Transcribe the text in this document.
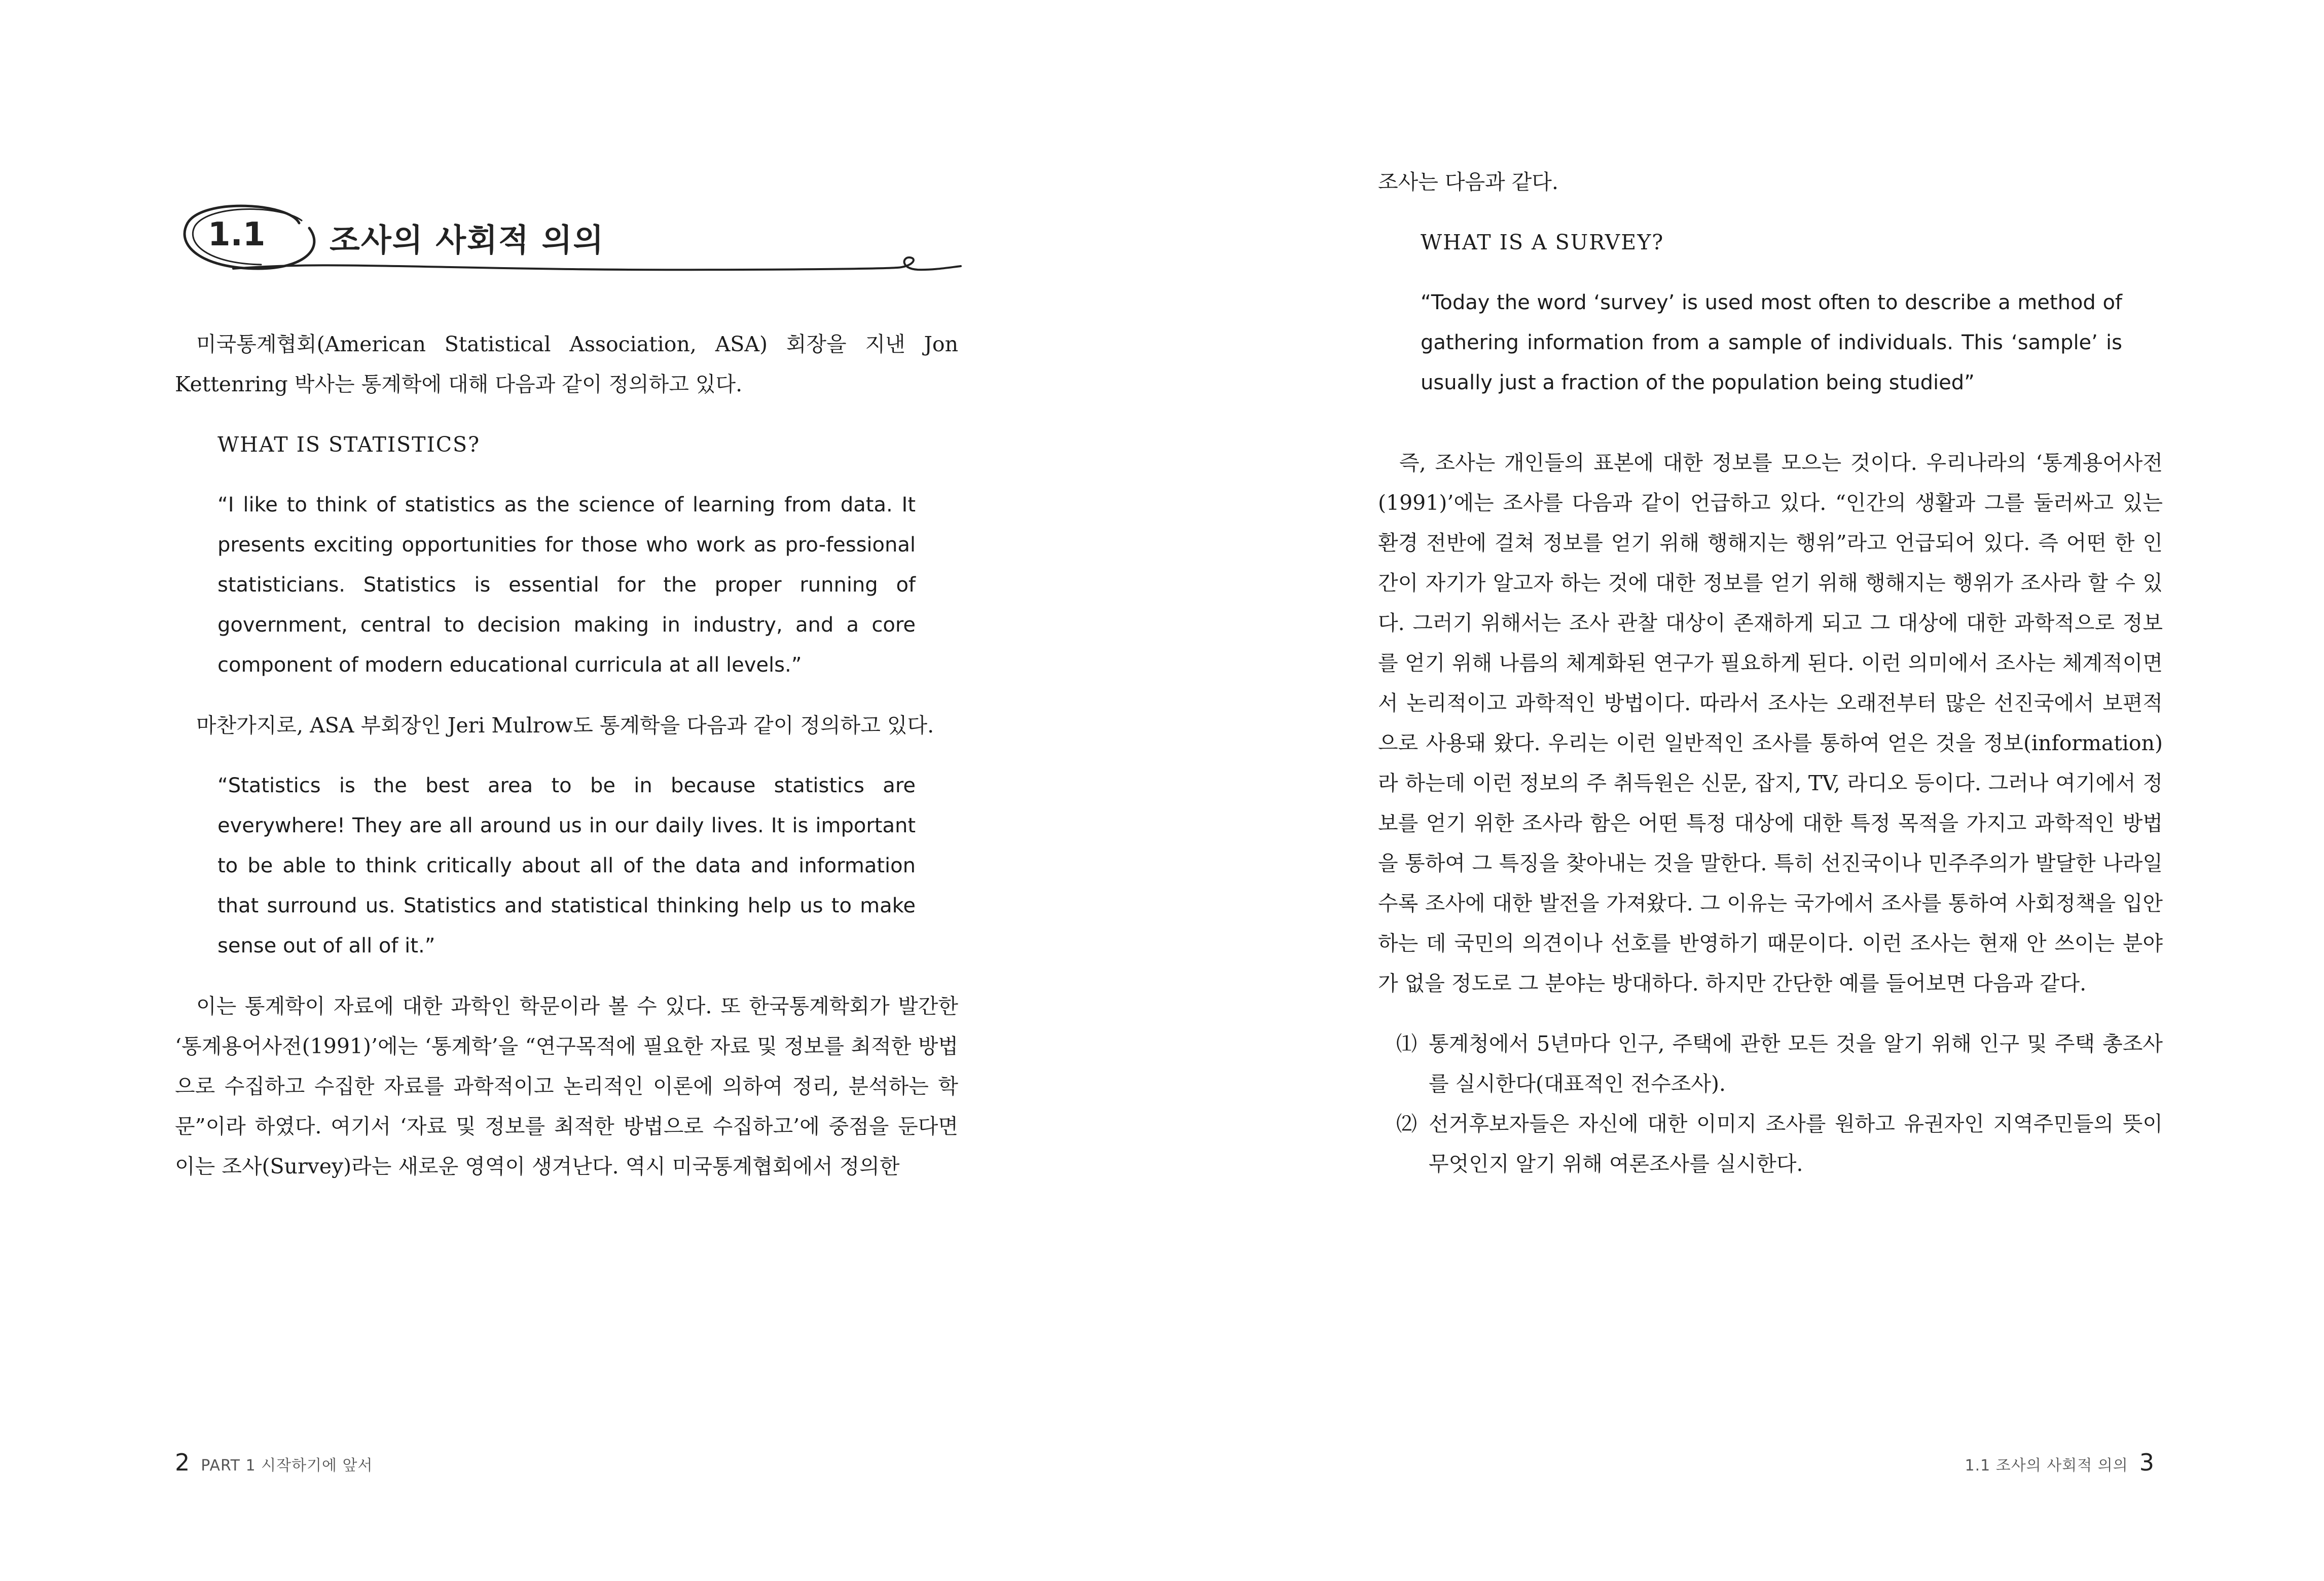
1.1 조사의 사회적 의의

미국통계협회(American Statistical Association, ASA) 회장을 지낸 Jon Kettenring 박사는 통계학에 대해 다음과 같이 정의하고 있다.

WHAT IS STATISTICS?

“I like to think of statistics as the science of learning from data. It presents exciting opportunities for those who work as pro-fessional statisticians. Statistics is essential for the proper running of government, central to decision making in industry, and a core component of modern educational curricula at all levels.”

마찬가지로, ASA 부회장인 Jeri Mulrow도 통계학을 다음과 같이 정의하고 있다.

“Statistics is the best area to be in because statistics are everywhere! They are all around us in our daily lives. It is important to be able to think critically about all of the data and information that surround us. Statistics and statistical thinking help us to make sense out of all of it.”

이는 통계학이 자료에 대한 과학인 학문이라 볼 수 있다. 또 한국통계학회가 발간한 ‘통계용어사전(1991)’에는 ‘통계학’을 “연구목적에 필요한 자료 및 정보를 최적한 방법으로 수집하고 수집한 자료를 과학적이고 논리적인 이론에 의하여 정리, 분석하는 학문”이라 하였다. 여기서 ‘자료 및 정보를 최적한 방법으로 수집하고’에 중점을 둔다면 이는 조사(Survey)라는 새로운 영역이 생겨난다. 역시 미국통계협회에서 정의한

2 PART 1 시작하기에 앞서

조사는 다음과 같다.

WHAT IS A SURVEY?

“Today the word ‘survey’ is used most often to describe a method of gathering information from a sample of individuals. This ‘sample’ is usually just a fraction of the population being studied”

즉, 조사는 개인들의 표본에 대한 정보를 모으는 것이다. 우리나라의 ‘통계용어사전(1991)’에는 조사를 다음과 같이 언급하고 있다. “인간의 생활과 그를 둘러싸고 있는 환경 전반에 걸쳐 정보를 얻기 위해 행해지는 행위”라고 언급되어 있다. 즉 어떤 한 인간이 자기가 알고자 하는 것에 대한 정보를 얻기 위해 행해지는 행위가 조사라 할 수 있다. 그러기 위해서는 조사 관찰 대상이 존재하게 되고 그 대상에 대한 과학적으로 정보를 얻기 위해 나름의 체계화된 연구가 필요하게 된다. 이런 의미에서 조사는 체계적이면서 논리적이고 과학적인 방법이다. 따라서 조사는 오래전부터 많은 선진국에서 보편적으로 사용돼 왔다. 우리는 이런 일반적인 조사를 통하여 얻은 것을 정보(information)라 하는데 이런 정보의 주 취득원은 신문, 잡지, TV, 라디오 등이다. 그러나 여기에서 정보를 얻기 위한 조사라 함은 어떤 특정 대상에 대한 특정 목적을 가지고 과학적인 방법을 통하여 그 특징을 찾아내는 것을 말한다. 특히 선진국이나 민주주의가 발달한 나라일수록 조사에 대한 발전을 가져왔다. 그 이유는 국가에서 조사를 통하여 사회정책을 입안하는 데 국민의 의견이나 선호를 반영하기 때문이다. 이런 조사는 현재 안 쓰이는 분야가 없을 정도로 그 분야는 방대하다. 하지만 간단한 예를 들어보면 다음과 같다.

⑴ 통계청에서 5년마다 인구, 주택에 관한 모든 것을 알기 위해 인구 및 주택 총조사를 실시한다(대표적인 전수조사).
⑵ 선거후보자들은 자신에 대한 이미지 조사를 원하고 유권자인 지역주민들의 뜻이 무엇인지 알기 위해 여론조사를 실시한다.
1.1 조사의 사회적 의의 3
